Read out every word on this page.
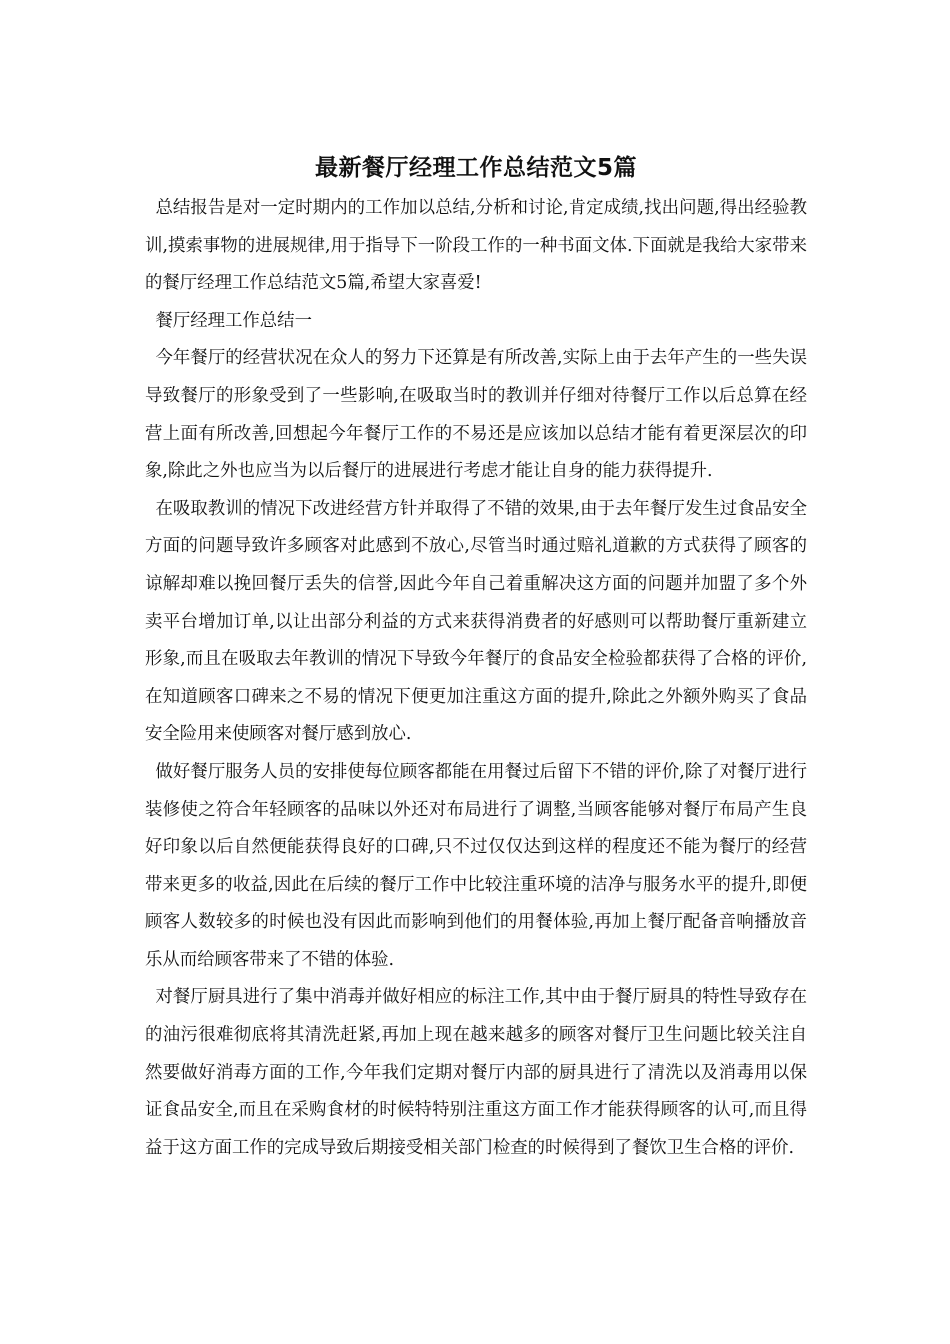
最新餐厅经理工作总结范文5篇

总结报告是对一定时期内的工作加以总结,分析和讨论,肯定成绩,找出问题,得出经验教训,摸索事物的进展规律,用于指导下一阶段工作的一种书面文体.下面就是我给大家带来的餐厅经理工作总结范文5篇,希望大家喜爱!

餐厅经理工作总结一

今年餐厅的经营状况在众人的努力下还算是有所改善,实际上由于去年产生的一些失误导致餐厅的形象受到了一些影响,在吸取当时的教训并仔细对待餐厅工作以后总算在经营上面有所改善,回想起今年餐厅工作的不易还是应该加以总结才能有着更深层次的印象,除此之外也应当为以后餐厅的进展进行考虑才能让自身的能力获得提升.

在吸取教训的情况下改进经营方针并取得了不错的效果,由于去年餐厅发生过食品安全方面的问题导致许多顾客对此感到不放心,尽管当时通过赔礼道歉的方式获得了顾客的谅解却难以挽回餐厅丢失的信誉,因此今年自己着重解决这方面的问题并加盟了多个外卖平台增加订单,以让出部分利益的方式来获得消费者的好感则可以帮助餐厅重新建立形象,而且在吸取去年教训的情况下导致今年餐厅的食品安全检验都获得了合格的评价,在知道顾客口碑来之不易的情况下便更加注重这方面的提升,除此之外额外购买了食品安全险用来使顾客对餐厅感到放心.

做好餐厅服务人员的安排使每位顾客都能在用餐过后留下不错的评价,除了对餐厅进行装修使之符合年轻顾客的品味以外还对布局进行了调整,当顾客能够对餐厅布局产生良好印象以后自然便能获得良好的口碑,只不过仅仅达到这样的程度还不能为餐厅的经营带来更多的收益,因此在后续的餐厅工作中比较注重环境的洁净与服务水平的提升,即便顾客人数较多的时候也没有因此而影响到他们的用餐体验,再加上餐厅配备音响播放音乐从而给顾客带来了不错的体验.

对餐厅厨具进行了集中消毒并做好相应的标注工作,其中由于餐厅厨具的特性导致存在的油污很难彻底将其清洗赶紧,再加上现在越来越多的顾客对餐厅卫生问题比较关注自然要做好消毒方面的工作,今年我们定期对餐厅内部的厨具进行了清洗以及消毒用以保证食品安全,而且在采购食材的时候特特别注重这方面工作才能获得顾客的认可,而且得益于这方面工作的完成导致后期接受相关部门检查的时候得到了餐饮卫生合格的评价.
